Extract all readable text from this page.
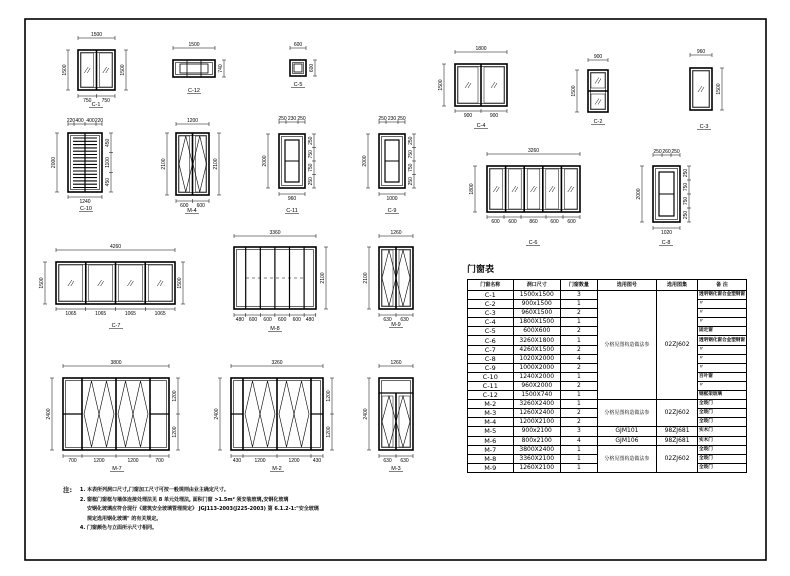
1500
750 750
1500	1500
C-1
1500
740
C-12
600
600
C-5
1800
900	900
1500
C-4
900
1500
C-2
960
1500
C-3
220 400 400 220
1240
2000
450
1100
450
C-10
1200
600 600
2100	2100
M-4
250 230 250
960
2000
250
750
750
250
C-11
250 230 250
1000
2000
250
750
750
250
C-9
3260
600 600	860	600 600
1800
C-6
250 260 250
1020
2000
250
750
750
250
C-8
4260
1065	1065	1065	1065
1500	1500
C-7
3360
480 600 600 600 600 480
2100
M-8
1260
630 630
2100
M-9
3800
700	1200	1200	700
2400
1200
1200
M-7
3260
430	1200	1200	430
2400
1200
1200
M-2
1260
630 630
2400
M-3
门窗表
门窗名称	洞口尺寸	门窗数量	选用图号	选用图集	备 注
C-1	1500x1500	3	分格见图构造做法参	02ZJ602	透明钢化窗合金塑钢窗
C-2	900x1500	1			〃
C-3	960X1500	2			〃
C-4	1800X1500	1			〃
C-5	600X600	2			固定窗
C-6	3260X1800	1			透明钢化窗合金塑钢窗
C-7	4260X1500	2			〃
C-8	1020X2000	4			〃
C-9	1000X2000	2			〃
C-10	1240X2000	1			百叶窗
C-11	960X2000	2			〃
C-12	1500X740	1			钢框架玻璃
M-2	3260X2400	1	分格见图构造做法参	02ZJ602	全玻门
M-3	1260X2400	2			全玻门
M-4	1200X2100	2			全玻门
M-5	900x2100	3	GJM101	98ZJ681	实木门
M-6	800x2100	4	GJM106	98ZJ681	实木门
M-7	3800X2400	1	分格见图构造做法参	02ZJ602	全玻门
M-8	3360X2100	1			全玻门
M-9	1260X2100	1			全玻门
注:	1. 本表所列洞口尺寸,门窗加工尺寸可按一般规则由业主确定尺寸。
2. 窗框门窗框与墙体连接处理法见 8 单元处理法, 面积门窗 >1.5m² 须安装玻璃,安钢化玻璃
安钢化玻璃应符合现行《建筑安全玻璃管理规定》 JGJ113-2003(J225-2003) 第 6.1.2-1:"安全玻璃
规定选用钢化玻璃" 的有关规定。
4. 门窗颜色与立面所示尺寸相同。
